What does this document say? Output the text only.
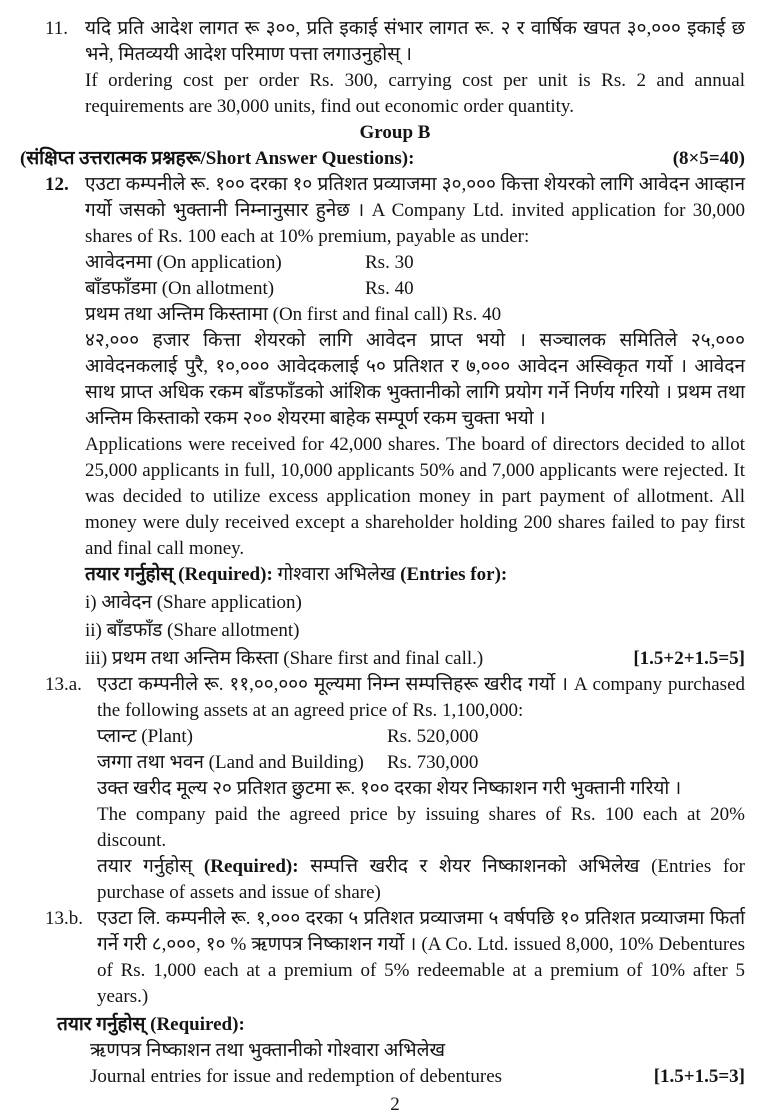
11. यदि प्रति आदेश लागत रू ३००, प्रति इकाई संभार लागत रू. २ र वार्षिक खपत ३०,००० इकाई छ भने, मितव्ययी आदेश परिमाण पत्ता लगाउनुहोस् ।
If ordering cost per order Rs. 300, carrying cost per unit is Rs. 2 and annual requirements are 30,000 units, find out economic order quantity.
Group B
(संक्षिप्त उत्तरात्मक प्रश्नहरू/Short Answer Questions):	(8×5=40)
12. एउटा कम्पनीले रू. १०० दरका १० प्रतिशत प्रव्याजमा ३०,००० कित्ता शेयरको लागि आवेदन आव्हान गर्यो जसको भुक्तानी निम्नानुसार हुनेछ । A Company Ltd. invited application for 30,000 shares of Rs. 100 each at 10% premium, payable as under:
आवेदनमा (On application)	Rs. 30
बाँडफाँडमा (On allotment)	Rs. 40
प्रथम तथा अन्तिम किस्तामा (On first and final call) Rs. 40
४२,००० हजार कित्ता शेयरको लागि आवेदन प्राप्त भयो । सञ्चालक समितिले २५,००० आवेदनकलाई पुरै, १०,००० आवेदकलाई ५० प्रतिशत र ७,००० आवेदन अस्विकृत गर्यो । आवेदन साथ प्राप्त अधिक रकम बाँडफाँडको आंशिक भुक्तानीको लागि प्रयोग गर्ने निर्णय गरियो । प्रथम तथा अन्तिम किस्ताको रकम २०० शेयरमा बाहेक सम्पूर्ण रकम चुक्ता भयो ।
Applications were received for 42,000 shares. The board of directors decided to allot 25,000 applicants in full, 10,000 applicants 50% and 7,000 applicants were rejected. It was decided to utilize excess application money in part payment of allotment. All money were duly received except a shareholder holding 200 shares failed to pay first and final call money.
तयार गर्नुहोस् (Required): गोश्वारा अभिलेख (Entries for):
i) आवेदन (Share application)
ii) बाँडफाँड (Share allotment)
iii) प्रथम तथा अन्तिम किस्ता (Share first and final call.)	[1.5+2+1.5=5]
13.a. एउटा कम्पनीले रू. ११,००,००० मूल्यमा निम्न सम्पत्तिहरू खरीद गर्यो । A company purchased the following assets at an agreed price of Rs. 1,100,000:
प्लान्ट (Plant)	Rs. 520,000
जग्गा तथा भवन (Land and Building)	Rs. 730,000
उक्त खरीद मूल्य २० प्रतिशत छुटमा रू. १०० दरका शेयर निष्काशन गरी भुक्तानी गरियो ।
The company paid the agreed price by issuing shares of Rs. 100 each at 20% discount.
तयार गर्नुहोस् (Required): सम्पत्ति खरीद र शेयर निष्काशनको अभिलेख (Entries for purchase of assets and issue of share)
13.b. एउटा लि. कम्पनीले रू. १,००० दरका ५ प्रतिशत प्रव्याजमा ५ वर्षपछि १० प्रतिशत प्रव्याजमा फिर्ता गर्ने गरी ८,०००, १० % ऋणपत्र निष्काशन गर्यो । (A Co. Ltd. issued 8,000, 10% Debentures of Rs. 1,000 each at a premium of 5% redeemable at a premium of 10% after 5 years.)
तयार गर्नुहोस् (Required):
ऋणपत्र निष्काशन तथा भुक्तानीको गोश्वारा अभिलेख
Journal entries for issue and redemption of debentures	[1.5+1.5=3]
2
